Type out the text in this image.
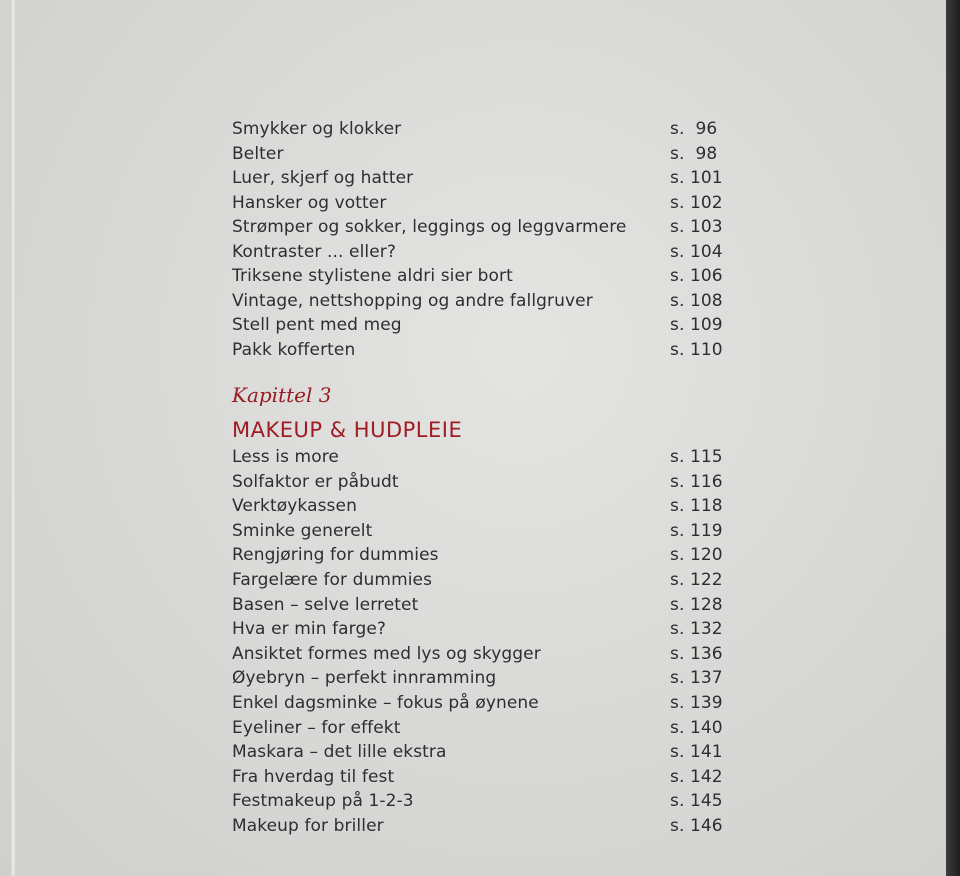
Smykker og klokker	s.  96
Belter	s.  98
Luer, skjerf og hatter	s. 101
Hansker og votter	s. 102
Strømper og sokker, leggings og leggvarmere	s. 103
Kontraster ... eller?	s. 104
Triksene stylistene aldri sier bort	s. 106
Vintage, nettshopping og andre fallgruver	s. 108
Stell pent med meg	s. 109
Pakk kofferten	s. 110
Kapittel 3
MAKEUP & HUDPLEIE
Less is more	s. 115
Solfaktor er påbudt	s. 116
Verktøykassen	s. 118
Sminke generelt	s. 119
Rengjøring for dummies	s. 120
Fargelære for dummies	s. 122
Basen – selve lerretet	s. 128
Hva er min farge?	s. 132
Ansiktet formes med lys og skygger	s. 136
Øyebryn – perfekt innramming	s. 137
Enkel dagsminke – fokus på øynene	s. 139
Eyeliner – for effekt	s. 140
Maskara – det lille ekstra	s. 141
Fra hverdag til fest	s. 142
Festmakeup på 1-2-3	s. 145
Makeup for briller	s. 146
